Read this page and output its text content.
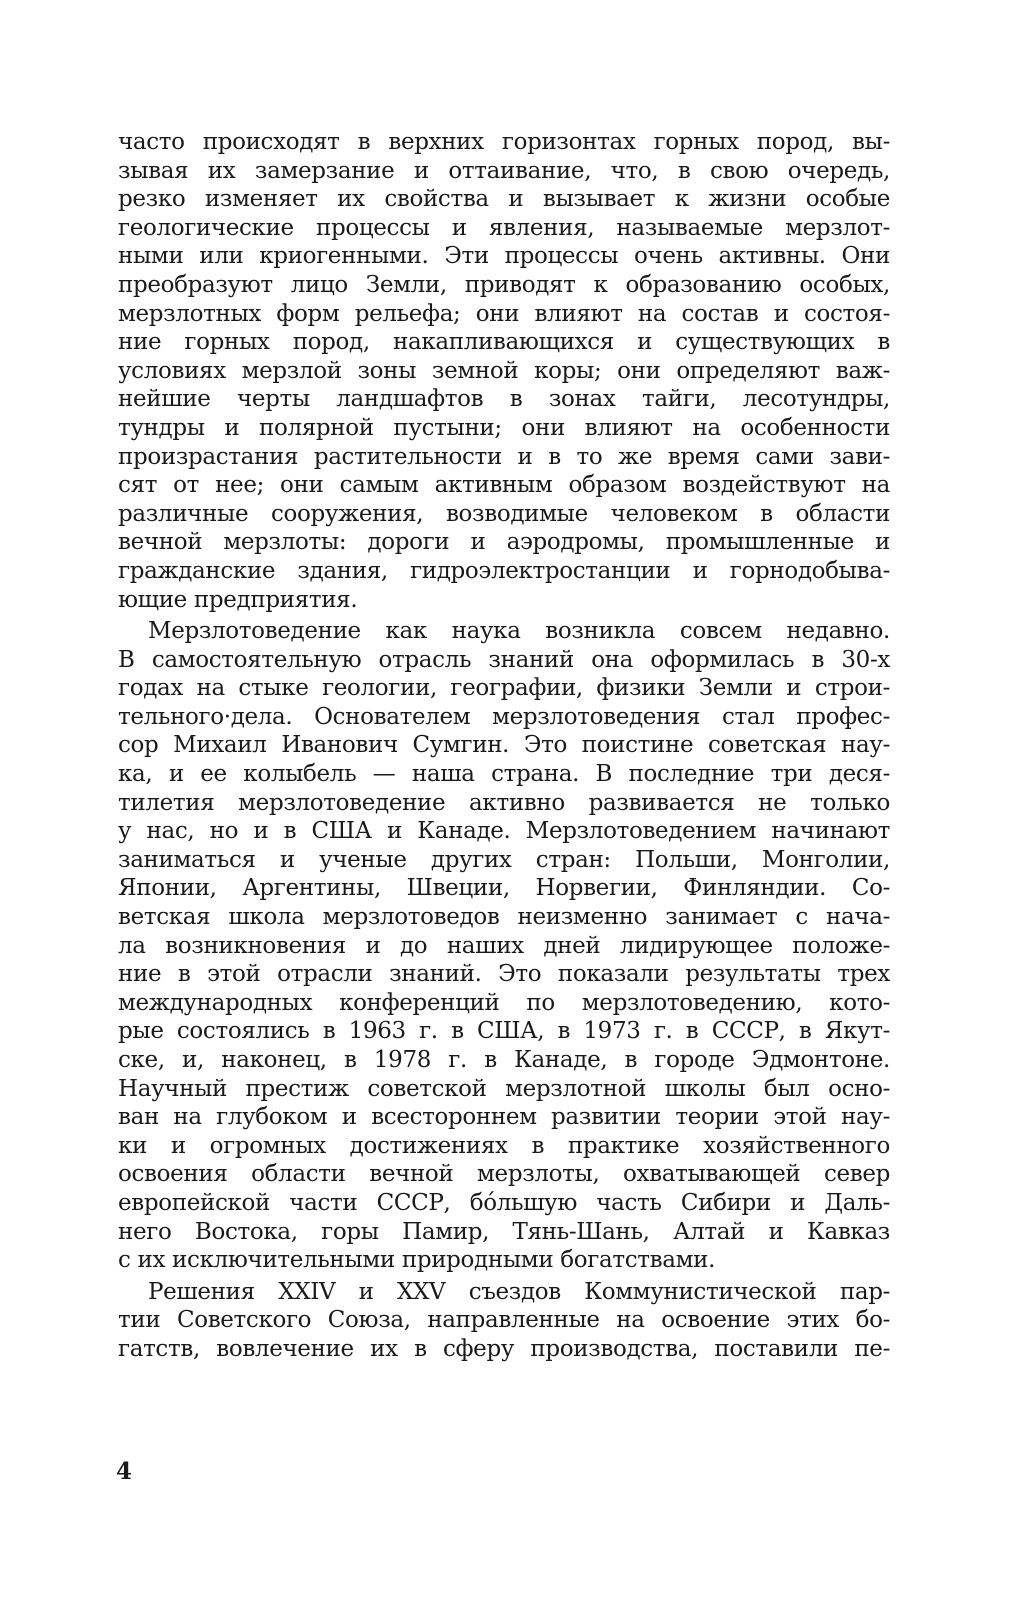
часто происходят в верхних горизонтах горных пород, вы-
зывая их замерзание и оттаивание, что, в свою очередь,
резко изменяет их свойства и вызывает к жизни особые
геологические процессы и явления, называемые мерзлот-
ными или криогенными. Эти процессы очень активны. Они
преобразуют лицо Земли, приводят к образованию особых,
мерзлотных форм рельефа; они влияют на состав и состоя-
ние горных пород, накапливающихся и существующих в
условиях мерзлой зоны земной коры; они определяют важ-
нейшие черты ландшафтов в зонах тайги, лесотундры,
тундры и полярной пустыни; они влияют на особенности
произрастания растительности и в то же время сами зави-
сят от нее; они самым активным образом воздействуют на
различные сооружения, возводимые человеком в области
вечной мерзлоты: дороги и аэродромы, промышленные и
гражданские здания, гидроэлектростанции и горнодобыва-
ющие предприятия.
Мерзлотоведение как наука возникла совсем недавно.
В самостоятельную отрасль знаний она оформилась в 30-х
годах на стыке геологии, географии, физики Земли и строи-
тельного·дела. Основателем мерзлотоведения стал профес-
сор Михаил Иванович Сумгин. Это поистине советская нау-
ка, и ее колыбель — наша страна. В последние три деся-
тилетия мерзлотоведение активно развивается не только
у нас, но и в США и Канаде. Мерзлотоведением начинают
заниматься и ученые других стран: Польши, Монголии,
Японии, Аргентины, Швеции, Норвегии, Финляндии. Со-
ветская школа мерзлотоведов неизменно занимает с нача-
ла возникновения и до наших дней лидирующее положе-
ние в этой отрасли знаний. Это показали результаты трех
международных конференций по мерзлотоведению, кото-
рые состоялись в 1963 г. в США, в 1973 г. в СССР, в Якут-
ске, и, наконец, в 1978 г. в Канаде, в городе Эдмонтоне.
Научный престиж советской мерзлотной школы был осно-
ван на глубоком и всестороннем развитии теории этой нау-
ки и огромных достижениях в практике хозяйственного
освоения области вечной мерзлоты, охватывающей север
европейской части СССР, бóльшую часть Сибири и Даль-
него Востока, горы Памир, Тянь-Шань, Алтай и Кавказ
с их исключительными природными богатствами.
Решения XXIV и XXV съездов Коммунистической пар-
тии Советского Союза, направленные на освоение этих бо-
гатств, вовлечение их в сферу производства, поставили пе-
4
